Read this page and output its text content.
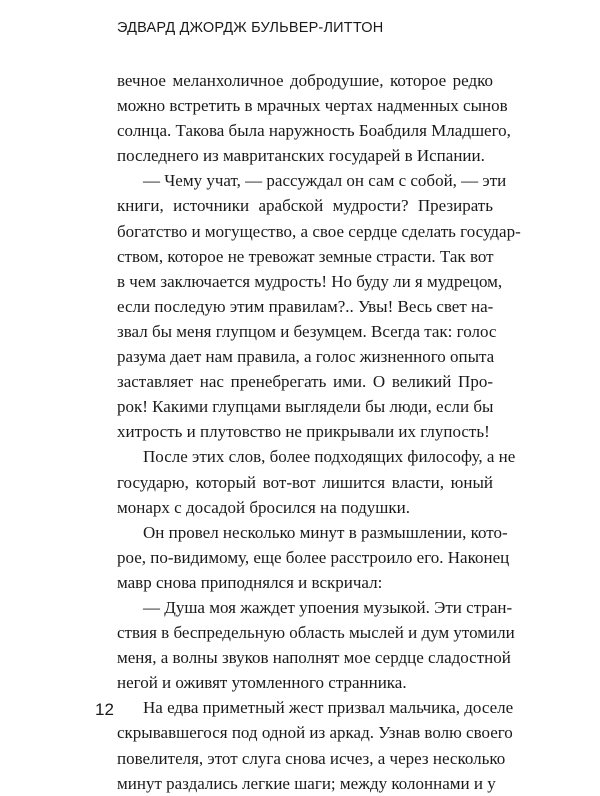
ЭДВАРД ДЖОРДЖ БУЛЬВЕР-ЛИТТОН

вечное меланхоличное добродушие, которое редко
можно встретить в мрачных чертах надменных сынов
солнца. Такова была наружность Боабдиля Младшего,
последнего из мавританских государей в Испании.

— Чему учат, — рассуждал он сам с собой, — эти
книги, источники арабской мудрости? Презирать
богатство и могущество, а свое сердце сделать государ-
ством, которое не тревожат земные страсти. Так вот
в чем заключается мудрость! Но буду ли я мудрецом,
если последую этим правилам?.. Увы! Весь свет на-
звал бы меня глупцом и безумцем. Всегда так: голос
разума дает нам правила, а голос жизненного опыта
заставляет нас пренебрегать ими. О великий Про-
рок! Какими глупцами выглядели бы люди, если бы
хитрость и плутовство не прикрывали их глупость!

После этих слов, более подходящих философу, а не
государю, который вот-вот лишится власти, юный
монарх с досадой бросился на подушки.

Он провел несколько минут в размышлении, кото-
рое, по-видимому, еще более расстроило его. Наконец
мавр снова приподнялся и вскричал:

— Душа моя жаждет упоения музыкой. Эти стран-
ствия в беспредельную область мыслей и дум утомили
меня, а волны звуков наполнят мое сердце сладостной
негой и оживят утомленного странника.

На едва приметный жест призвал мальчика, доселе
скрывавшегося под одной из аркад. Узнав волю своего
повелителя, этот слуга снова исчез, а через несколько
минут раздались легкие шаги; между колоннами и у

12
